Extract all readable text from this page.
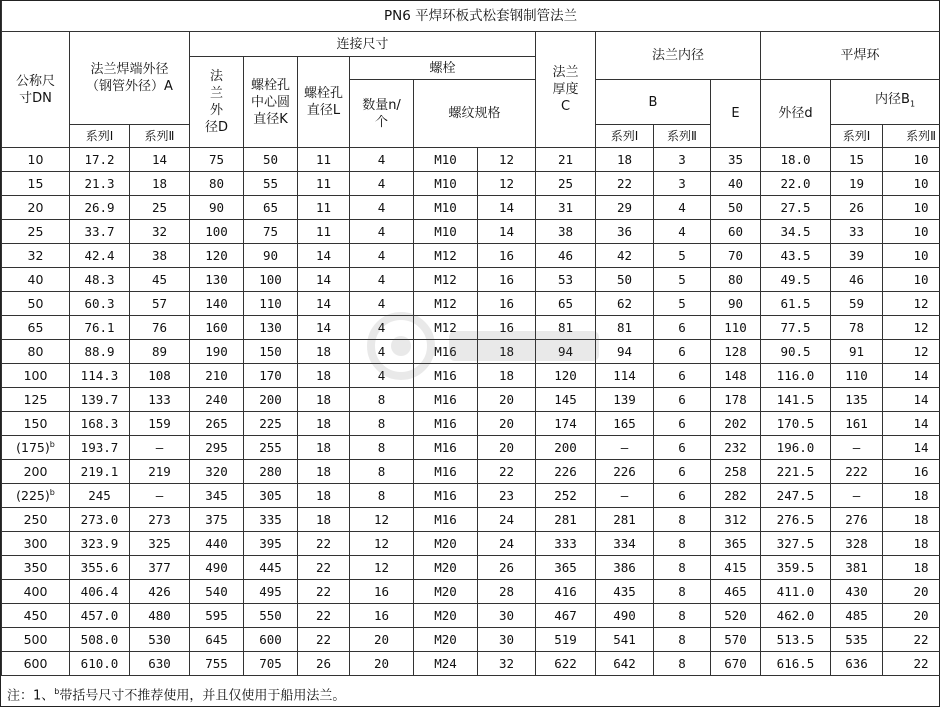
PN6 平焊环板式松套钢制管法兰																
公称尺寸DN	法兰焊端外径（钢管外径）A		连接尺寸						法兰厚度C	法兰内径			平焊环			
			法兰外径D	螺栓孔中心圆直径K	螺栓孔直径L	螺栓										
						数量n/个	螺纹规格			B		E	外径d	内径$B_1$	
	系列Ⅰ	系列Ⅱ								系列Ⅰ	系列Ⅱ			系列Ⅰ	系列Ⅱ	
10	17.2	14	75	50	11	4	M10	12	21	18	3	35	18.0	15	10	
15	21.3	18	80	55	11	4	M10	12	25	22	3	40	22.0	19	10	
20	26.9	25	90	65	11	4	M10	14	31	29	4	50	27.5	26	10	
25	33.7	32	100	75	11	4	M10	14	38	36	4	60	34.5	33	10	
32	42.4	38	120	90	14	4	M12	16	46	42	5	70	43.5	39	10	
40	48.3	45	130	100	14	4	M12	16	53	50	5	80	49.5	46	10	
50	60.3	57	140	110	14	4	M12	16	65	62	5	90	61.5	59	12	
65	76.1	76	160	130	14	4	M12	16	81	81	6	110	77.5	78	12	
80	88.9	89	190	150	18	4	M16	18	94	94	6	128	90.5	91	12	
100	114.3	108	210	170	18	4	M16	18	120	114	6	148	116.0	110	14	
125	139.7	133	240	200	18	8	M16	20	145	139	6	178	141.5	135	14	
150	168.3	159	265	225	18	8	M16	20	174	165	6	202	170.5	161	14	
$(175)^b$	193.7	—	295	255	18	8	M16	20	200	—	6	232	196.0	—	14	
200	219.1	219	320	280	18	8	M16	22	226	226	6	258	221.5	222	16	
$(225)^b$	245	—	345	305	18	8	M16	23	252	—	6	282	247.5	—	18	
250	273.0	273	375	335	18	12	M16	24	281	281	8	312	276.5	276	18	
300	323.9	325	440	395	22	12	M20	24	333	334	8	365	327.5	328	18	
350	355.6	377	490	445	22	12	M20	26	365	386	8	415	359.5	381	18	
400	406.4	426	540	495	22	16	M20	28	416	435	8	465	411.0	430	20	
450	457.0	480	595	550	22	16	M20	30	467	490	8	520	462.0	485	20	
500	508.0	530	645	600	22	20	M20	30	519	541	8	570	513.5	535	22	
600	610.0	630	755	705	26	20	M24	32	622	642	8	670	616.5	636	22	
注：1、$^b$带括号尺寸不推荐使用，并且仅使用于船用法兰。
